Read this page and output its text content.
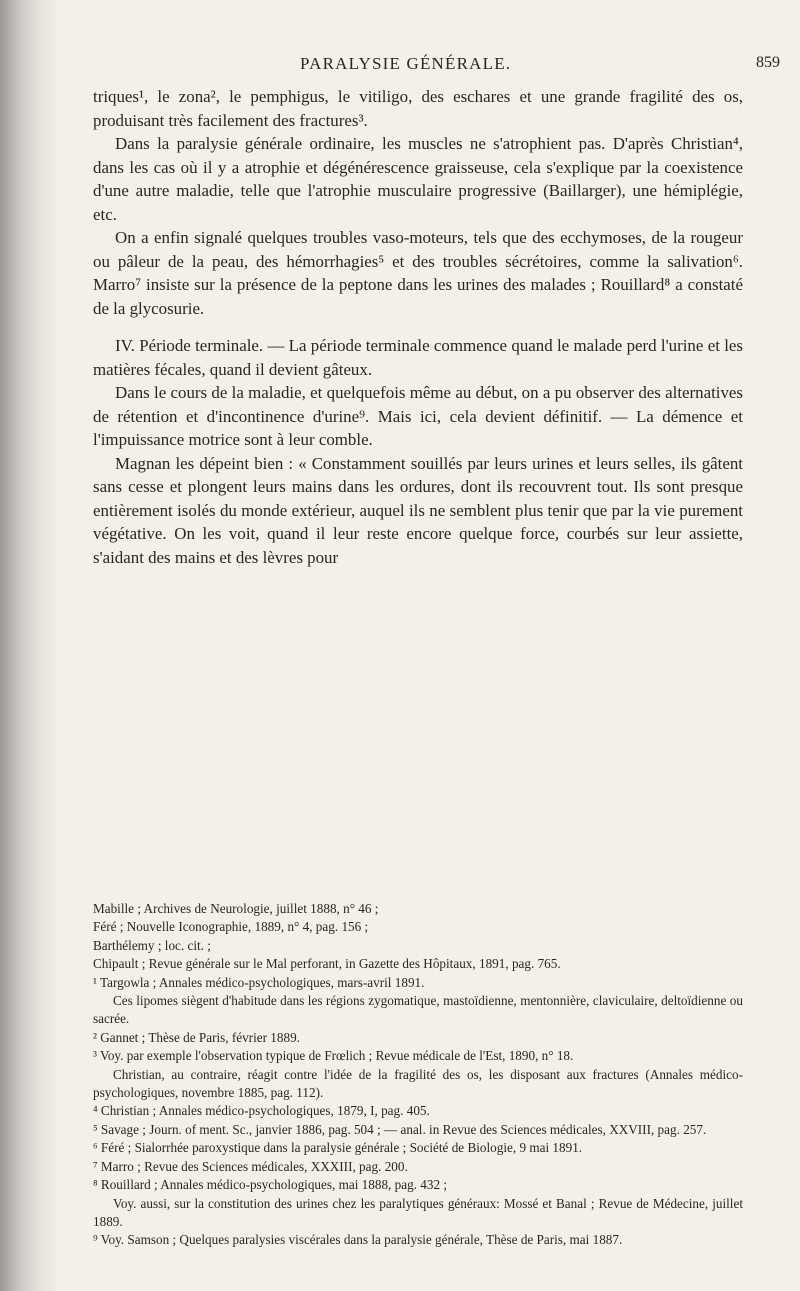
PARALYSIE GÉNÉRALE.	859

triques¹, le zona², le pemphigus, le vitiligo, des eschares et une grande fragilité des os, produisant très facilement des fractures³.

Dans la paralysie générale ordinaire, les muscles ne s'atrophient pas. D'après Christian⁴, dans les cas où il y a atrophie et dégénérescence graisseuse, cela s'explique par la coexistence d'une autre maladie, telle que l'atrophie musculaire progressive (Baillarger), une hémiplégie, etc.

On a enfin signalé quelques troubles vaso-moteurs, tels que des ecchymoses, de la rougeur ou pâleur de la peau, des hémorrhagies⁵ et des troubles sécrétoires, comme la salivation⁶. Marro⁷ insiste sur la présence de la peptone dans les urines des malades ; Rouillard⁸ a constaté de la glycosurie.

IV. Période terminale. — La période terminale commence quand le malade perd l'urine et les matières fécales, quand il devient gâteux.

Dans le cours de la maladie, et quelquefois même au début, on a pu observer des alternatives de rétention et d'incontinence d'urine⁹. Mais ici, cela devient définitif. — La démence et l'impuissance motrice sont à leur comble.

Magnan les dépeint bien : « Constamment souillés par leurs urines et leurs selles, ils gâtent sans cesse et plongent leurs mains dans les ordures, dont ils recouvrent tout. Ils sont presque entièrement isolés du monde extérieur, auquel ils ne semblent plus tenir que par la vie purement végétative. On les voit, quand il leur reste encore quelque force, courbés sur leur assiette, s'aidant des mains et des lèvres pour

Mabille ; Archives de Neurologie, juillet 1888, n° 46 ;

Féré ; Nouvelle Iconographie, 1889, n° 4, pag. 156 ;

Barthélemy ; loc. cit. ;

Chipault ; Revue générale sur le Mal perforant, in Gazette des Hôpitaux, 1891, pag. 765.

¹ Targowla ; Annales médico-psychologiques, mars-avril 1891.

Ces lipomes siègent d'habitude dans les régions zygomatique, mastoïdienne, mentonnière, claviculaire, deltoïdienne ou sacrée.

² Gannet ; Thèse de Paris, février 1889.

³ Voy. par exemple l'observation typique de Frœlich ; Revue médicale de l'Est, 1890, n° 18.

Christian, au contraire, réagit contre l'idée de la fragilité des os, les disposant aux fractures (Annales médico-psychologiques, novembre 1885, pag. 112).

⁴ Christian ; Annales médico-psychologiques, 1879, I, pag. 405.

⁵ Savage ; Journ. of ment. Sc., janvier 1886, pag. 504 ; — anal. in Revue des Sciences médicales, XXVIII, pag. 257.

⁶ Féré ; Sialorrhée paroxystique dans la paralysie générale ; Société de Biologie, 9 mai 1891.

⁷ Marro ; Revue des Sciences médicales, XXXIII, pag. 200.

⁸ Rouillard ; Annales médico-psychologiques, mai 1888, pag. 432 ;

Voy. aussi, sur la constitution des urines chez les paralytiques généraux: Mossé et Banal ; Revue de Médecine, juillet 1889.

⁹ Voy. Samson ; Quelques paralysies viscérales dans la paralysie générale, Thèse de Paris, mai 1887.
